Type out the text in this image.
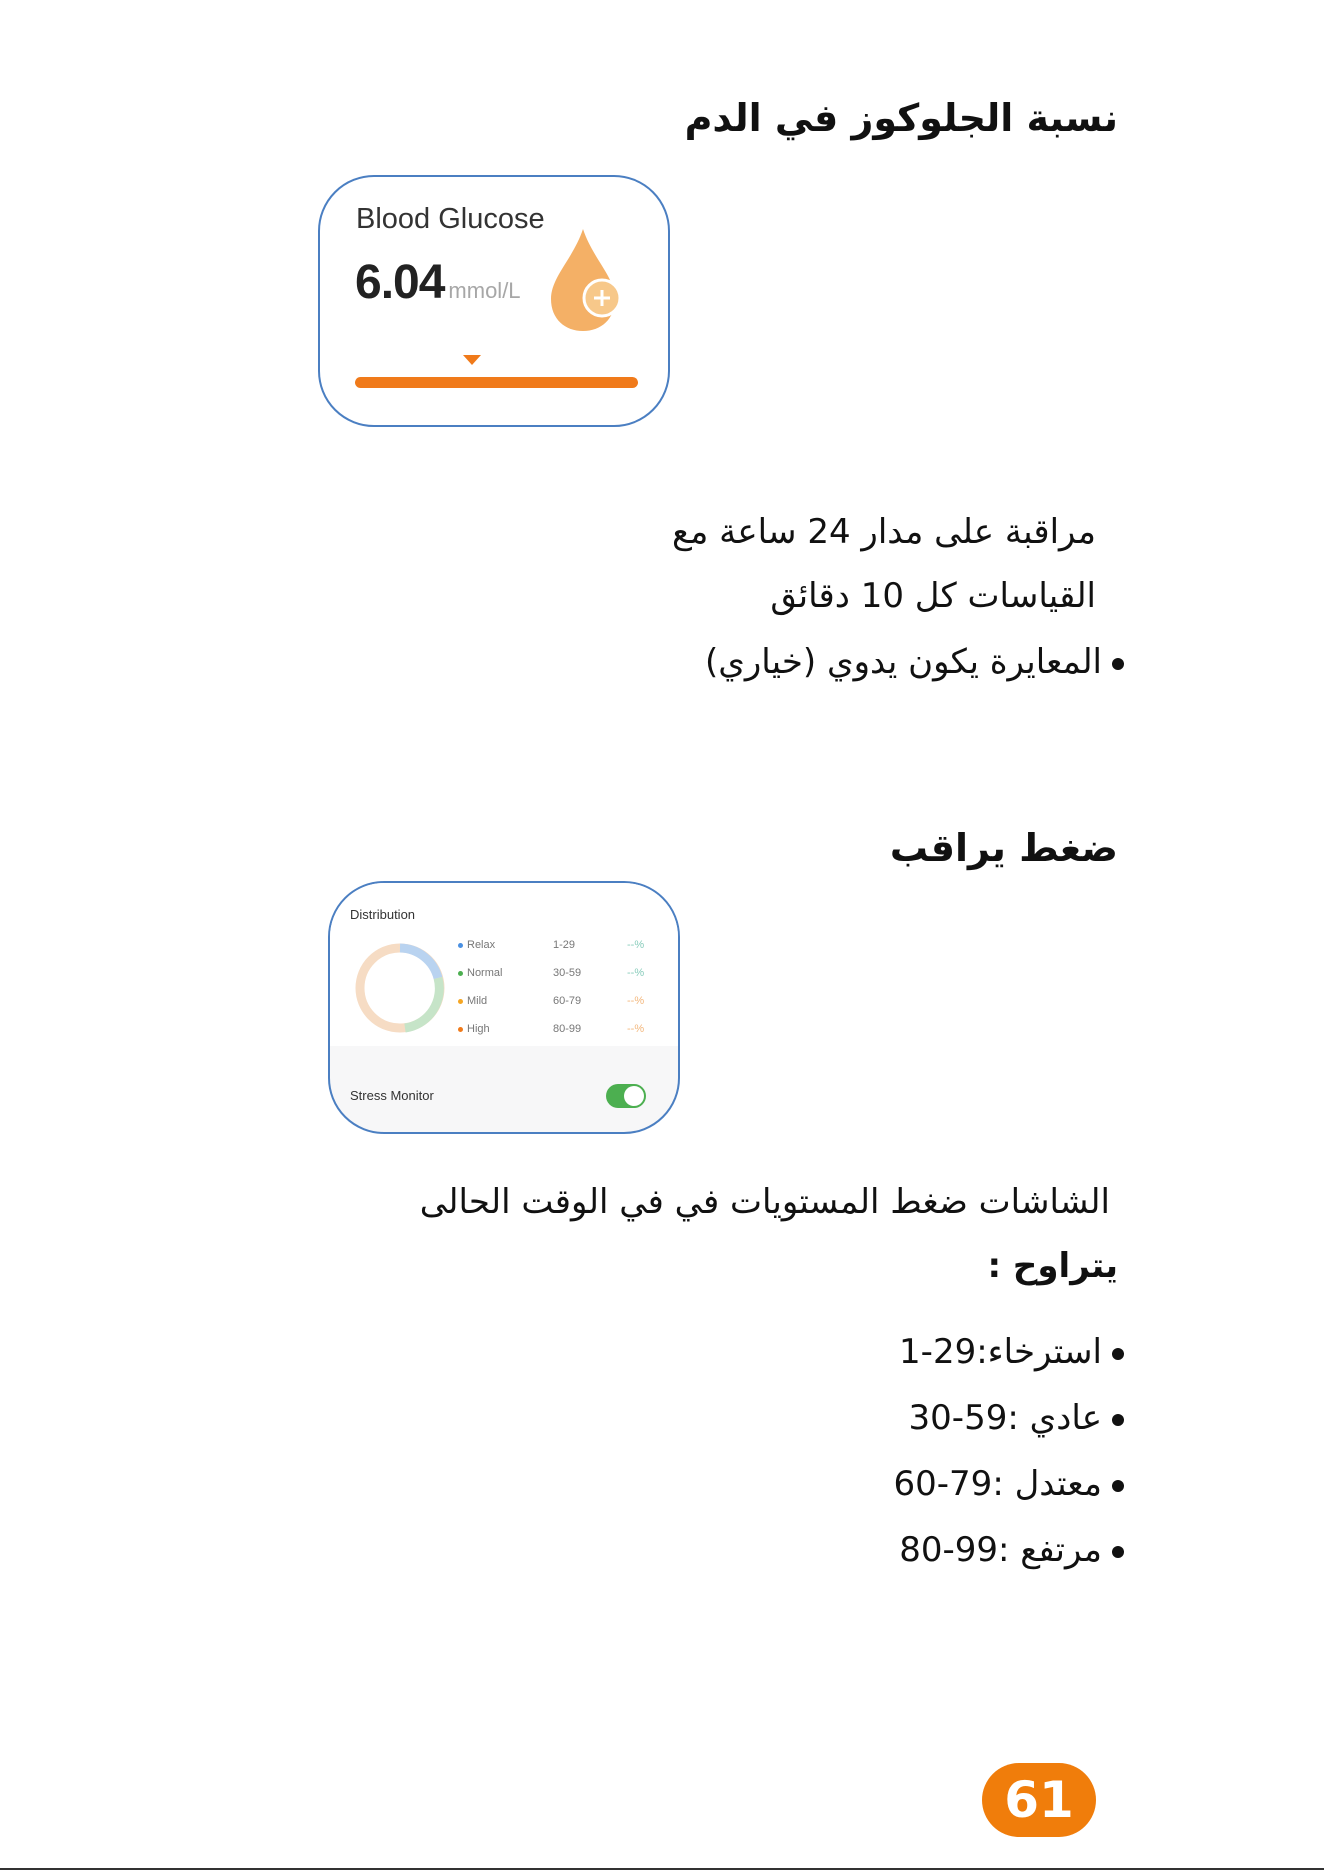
نسبة الجلوكوز في الدم
Blood Glucose
6.04 mmol/L
مراقبة على مدار 24 ساعة مع
القياسات كل 10 دقائق
المعايرة يكون يدوي (خياري)
ضغط يراقب
Distribution
Relax	1-29	--%
Normal	30-59	--%
Mild	60-79	--%
High	80-99	--%
Stress Monitor
الشاشات ضغط المستويات في في الوقت الحالى
يتراوح :
استرخاء:29-1
عادي :59-30
معتدل :79-60
مرتفع :99-80
61
